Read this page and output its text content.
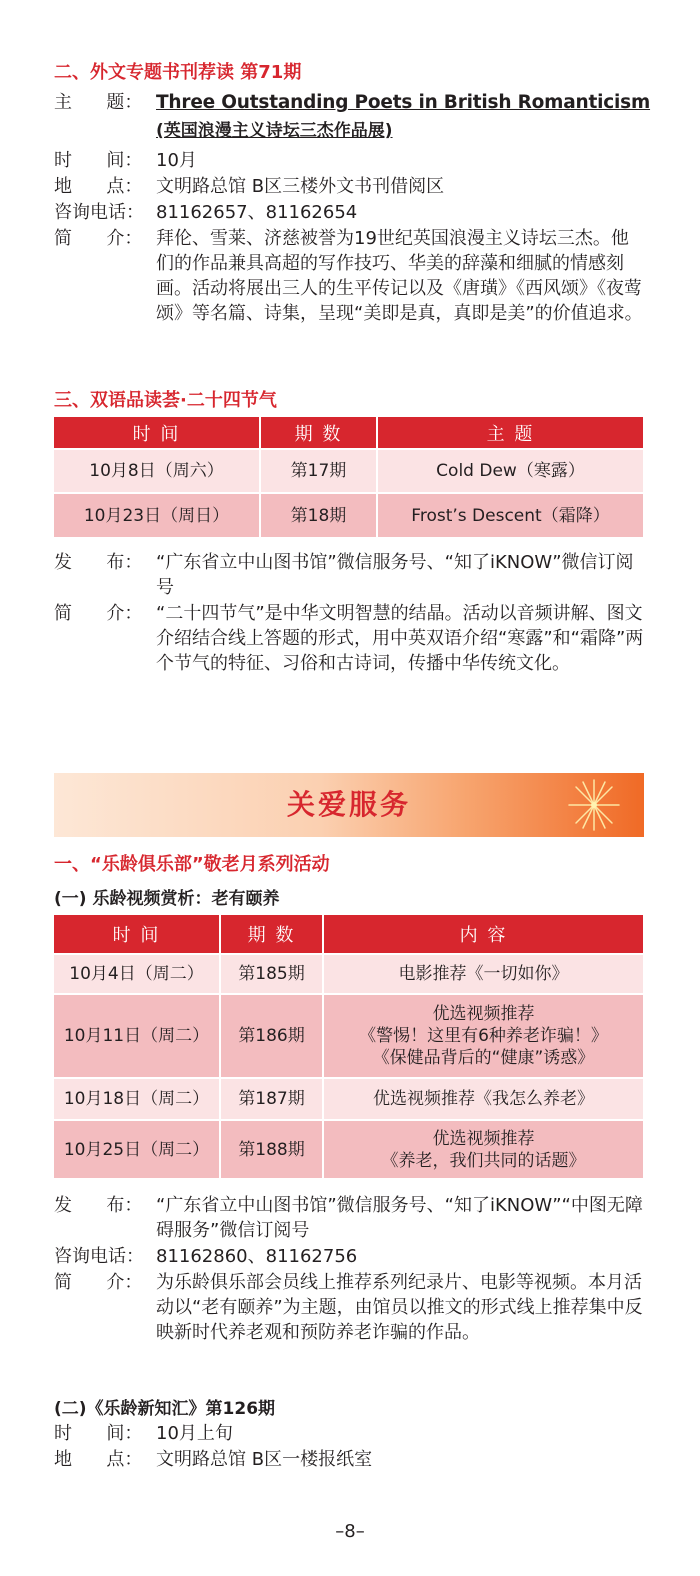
二、外文专题书刊荐读 第71期
主      题： Three Outstanding Poets in British Romanticism
(英国浪漫主义诗坛三杰作品展)
时      间： 10月
地      点： 文明路总馆 B区三楼外文书刊借阅区
咨询电话： 81162657、81162654
简      介： 拜伦、雪莱、济慈被誉为19世纪英国浪漫主义诗坛三杰。他们的作品兼具高超的写作技巧、华美的辞藻和细腻的情感刻画。活动将展出三人的生平传记以及《唐璜》《西风颂》《夜莺颂》等名篇、诗集，呈现“美即是真，真即是美”的价值追求。
三、双语品读荟·二十四节气
时 间	期 数	主 题
10月8日（周六）	第17期	Cold Dew（寒露）
10月23日（周日）	第18期	Frost’s Descent（霜降）
发      布： “广东省立中山图书馆”微信服务号、“知了iKNOW”微信订阅号
简      介： “二十四节气”是中华文明智慧的结晶。活动以音频讲解、图文介绍结合线上答题的形式，用中英双语介绍“寒露”和“霜降”两个节气的特征、习俗和古诗词，传播中华传统文化。
关爱服务
一、“乐龄俱乐部”敬老月系列活动
(一) 乐龄视频赏析：老有颐养
时 间	期 数	内 容
10月4日（周二）	第185期	电影推荐《一切如你》
10月11日（周二）	第186期	优选视频推荐
《警惕！这里有6种养老诈骗！》
《保健品背后的“健康”诱惑》
10月18日（周二）	第187期	优选视频推荐《我怎么养老》
10月25日（周二）	第188期	优选视频推荐
《养老，我们共同的话题》
发      布： “广东省立中山图书馆”微信服务号、“知了iKNOW”“中图无障碍服务”微信订阅号
咨询电话： 81162860、81162756
简      介： 为乐龄俱乐部会员线上推荐系列纪录片、电影等视频。本月活动以“老有颐养”为主题，由馆员以推文的形式线上推荐集中反映新时代养老观和预防养老诈骗的作品。
(二)《乐龄新知汇》第126期
时      间： 10月上旬
地      点： 文明路总馆 B区一楼报纸室
–8–
